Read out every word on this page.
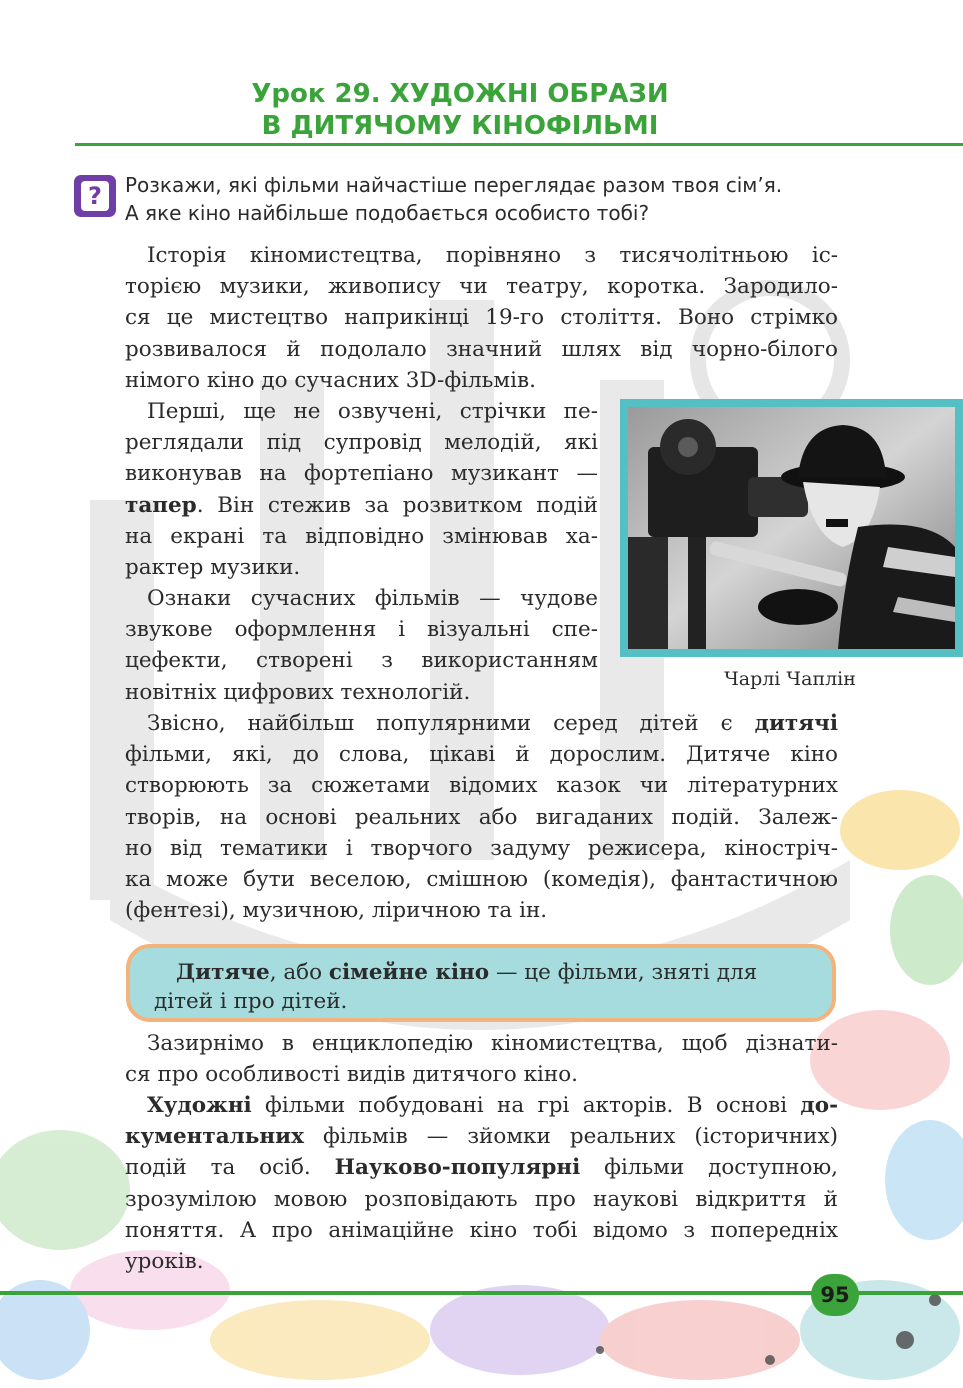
Урок 29. ХУДОЖНІ ОБРАЗИ
В ДИТЯЧОМУ КІНОФІЛЬМІ
?	Розкажи, які фільми найчастіше переглядає разом твоя сім’я.
А яке кіно найбільше подобається особисто тобі?
Історія кіномистецтва, порівняно з тисячолітньою іс-
торією музики, живопису чи театру, коротка. Зародило-
ся це мистецтво наприкінці 19-го століття. Воно стрімко
розвивалося й подолало значний шлях від чорно-білого
німого кіно до сучасних 3D-фільмів.
Перші, ще не озвучені, стрічки пе-
реглядали під супровід мелодій, які
виконував на фортепіано музикант —
тапер. Він стежив за розвитком подій
на екрані та відповідно змінював ха-
рактер музики.
Ознаки сучасних фільмів — чудове
звукове оформлення і візуальні спе-
цефекти, створені з використанням
новітніх цифрових технологій.
Чарлі Чаплін
Звісно, найбільш популярними серед дітей є дитячі
фільми, які, до слова, цікаві й дорослим. Дитяче кіно
створюють за сюжетами відомих казок чи літературних
творів, на основі реальних або вигаданих подій. Залеж-
но від тематики і творчого задуму режисера, кіностріч-
ка може бути веселою, смішною (комедія), фантастичною
(фентезі), музичною, ліричною та ін.
Дитяче, або сімейне кіно — це фільми, зняті для
дітей і про дітей.
Зазирнімо в енциклопедію кіномистецтва, щоб дізнати-
ся про особливості видів дитячого кіно.
Художні фільми побудовані на грі акторів. В основі до-
кументальних фільмів — зйомки реальних (історичних)
подій та осіб. Науково-популярні фільми доступною,
зрозумілою мовою розповідають про наукові відкриття й
поняття. А про анімаційне кіно тобі відомо з попередніх
уроків.
95
